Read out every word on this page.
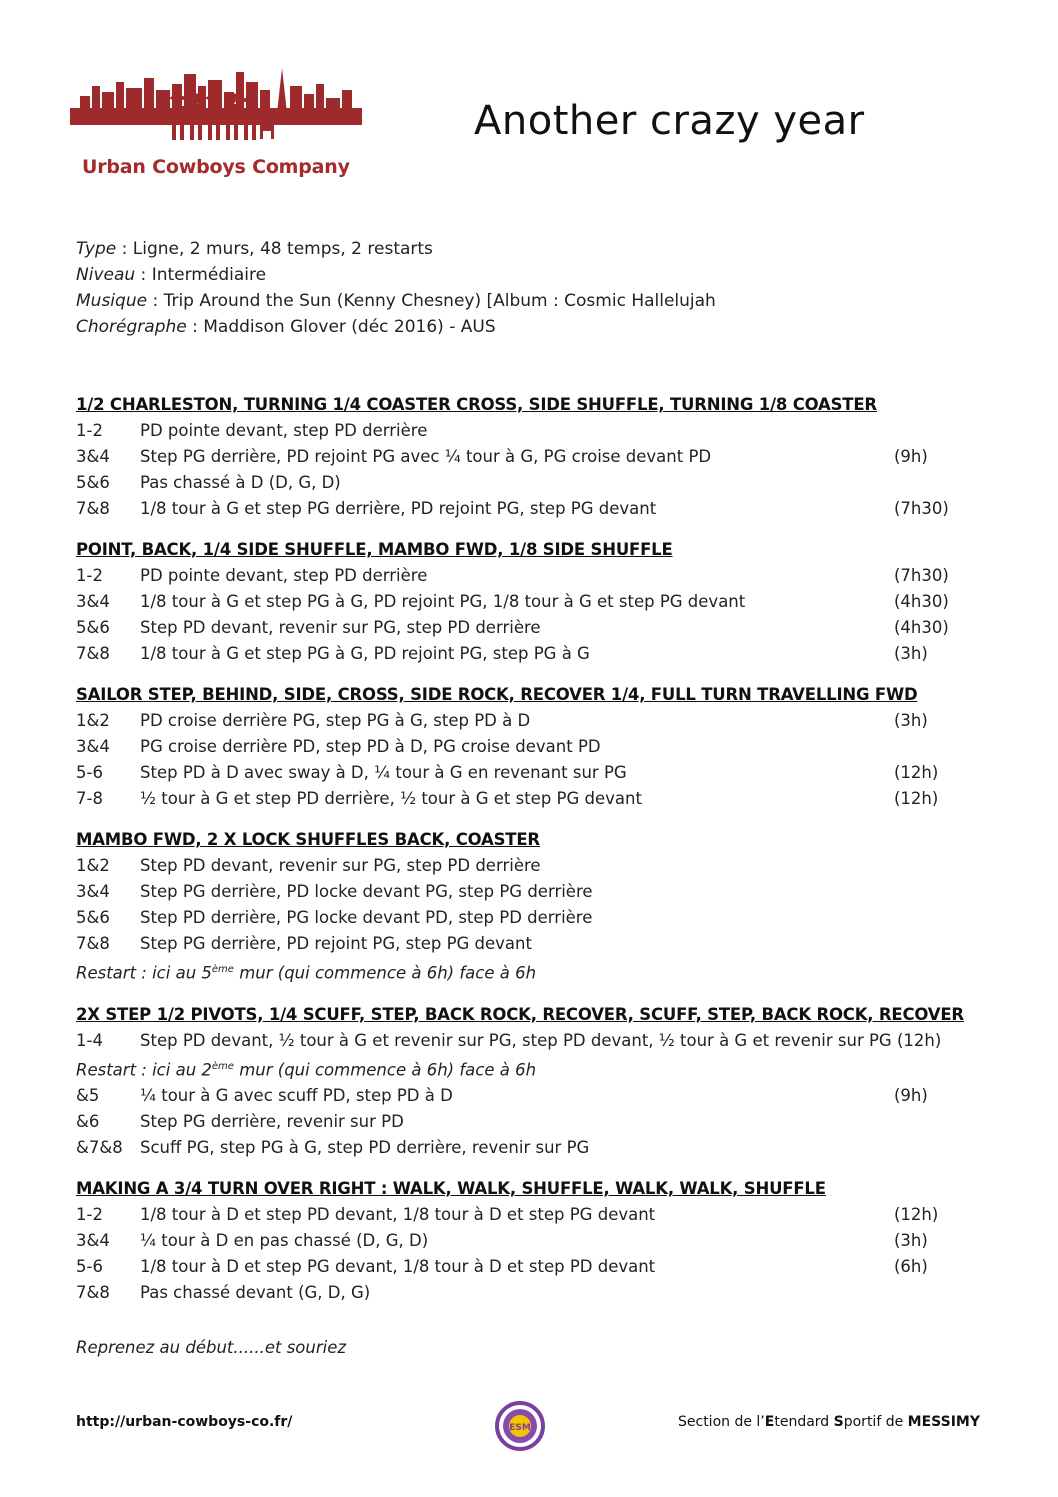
Urban Cowboys Company
Another crazy year
Type : Ligne, 2 murs, 48 temps, 2 restarts
Niveau : Intermédiaire
Musique : Trip Around the Sun (Kenny Chesney) [Album : Cosmic Hallelujah
Chorégraphe : Maddison Glover (déc 2016) - AUS
1/2 CHARLESTON, TURNING 1/4 COASTER CROSS, SIDE SHUFFLE, TURNING 1/8 COASTER
1-2 PD pointe devant, step PD derrière
3&4 Step PG derrière, PD rejoint PG avec ¼ tour à G, PG croise devant PD	(9h)
5&6 Pas chassé à D (D, G, D)
7&8 1/8 tour à G et step PG derrière, PD rejoint PG, step PG devant	(7h30)
POINT, BACK, 1/4 SIDE SHUFFLE, MAMBO FWD, 1/8 SIDE SHUFFLE
1-2 PD pointe devant, step PD derrière	(7h30)
3&4 1/8 tour à G et step PG à G, PD rejoint PG, 1/8 tour à G et step PG devant	(4h30)
5&6 Step PD devant, revenir sur PG, step PD derrière	(4h30)
7&8 1/8 tour à G et step PG à G, PD rejoint PG, step PG à G	(3h)
SAILOR STEP, BEHIND, SIDE, CROSS, SIDE ROCK, RECOVER 1/4, FULL TURN TRAVELLING FWD
1&2 PD croise derrière PG, step PG à G, step PD à D	(3h)
3&4 PG croise derrière PD, step PD à D, PG croise devant PD
5-6 Step PD à D avec sway à D, ¼ tour à G en revenant sur PG	(12h)
7-8 ½ tour à G et step PD derrière, ½ tour à G et step PG devant	(12h)
MAMBO FWD, 2 X LOCK SHUFFLES BACK, COASTER
1&2 Step PD devant, revenir sur PG, step PD derrière
3&4 Step PG derrière, PD locke devant PG, step PG derrière
5&6 Step PD derrière, PG locke devant PD, step PD derrière
7&8 Step PG derrière, PD rejoint PG, step PG devant
Restart : ici au 5ème mur (qui commence à 6h) face à 6h
2X STEP 1/2 PIVOTS, 1/4 SCUFF, STEP, BACK ROCK, RECOVER, SCUFF, STEP, BACK ROCK, RECOVER
1-4 Step PD devant, ½ tour à G et revenir sur PG, step PD devant, ½ tour à G et revenir sur PG (12h)
Restart : ici au 2ème mur (qui commence à 6h) face à 6h
&5 ¼ tour à G avec scuff PD, step PD à D	(9h)
&6 Step PG derrière, revenir sur PD
&7&8 Scuff PG, step PG à G, step PD derrière, revenir sur PG
MAKING A 3/4 TURN OVER RIGHT : WALK, WALK, SHUFFLE, WALK, WALK, SHUFFLE
1-2 1/8 tour à D et step PD devant, 1/8 tour à D et step PG devant	(12h)
3&4 ¼ tour à D en pas chassé (D, G, D)	(3h)
5-6 1/8 tour à D et step PG devant, 1/8 tour à D et step PD devant	(6h)
7&8 Pas chassé devant (G, D, G)
Reprenez au début......et souriez
http://urban-cowboys-co.fr/	ESM	Section de l’Etendard Sportif de MESSIMY
